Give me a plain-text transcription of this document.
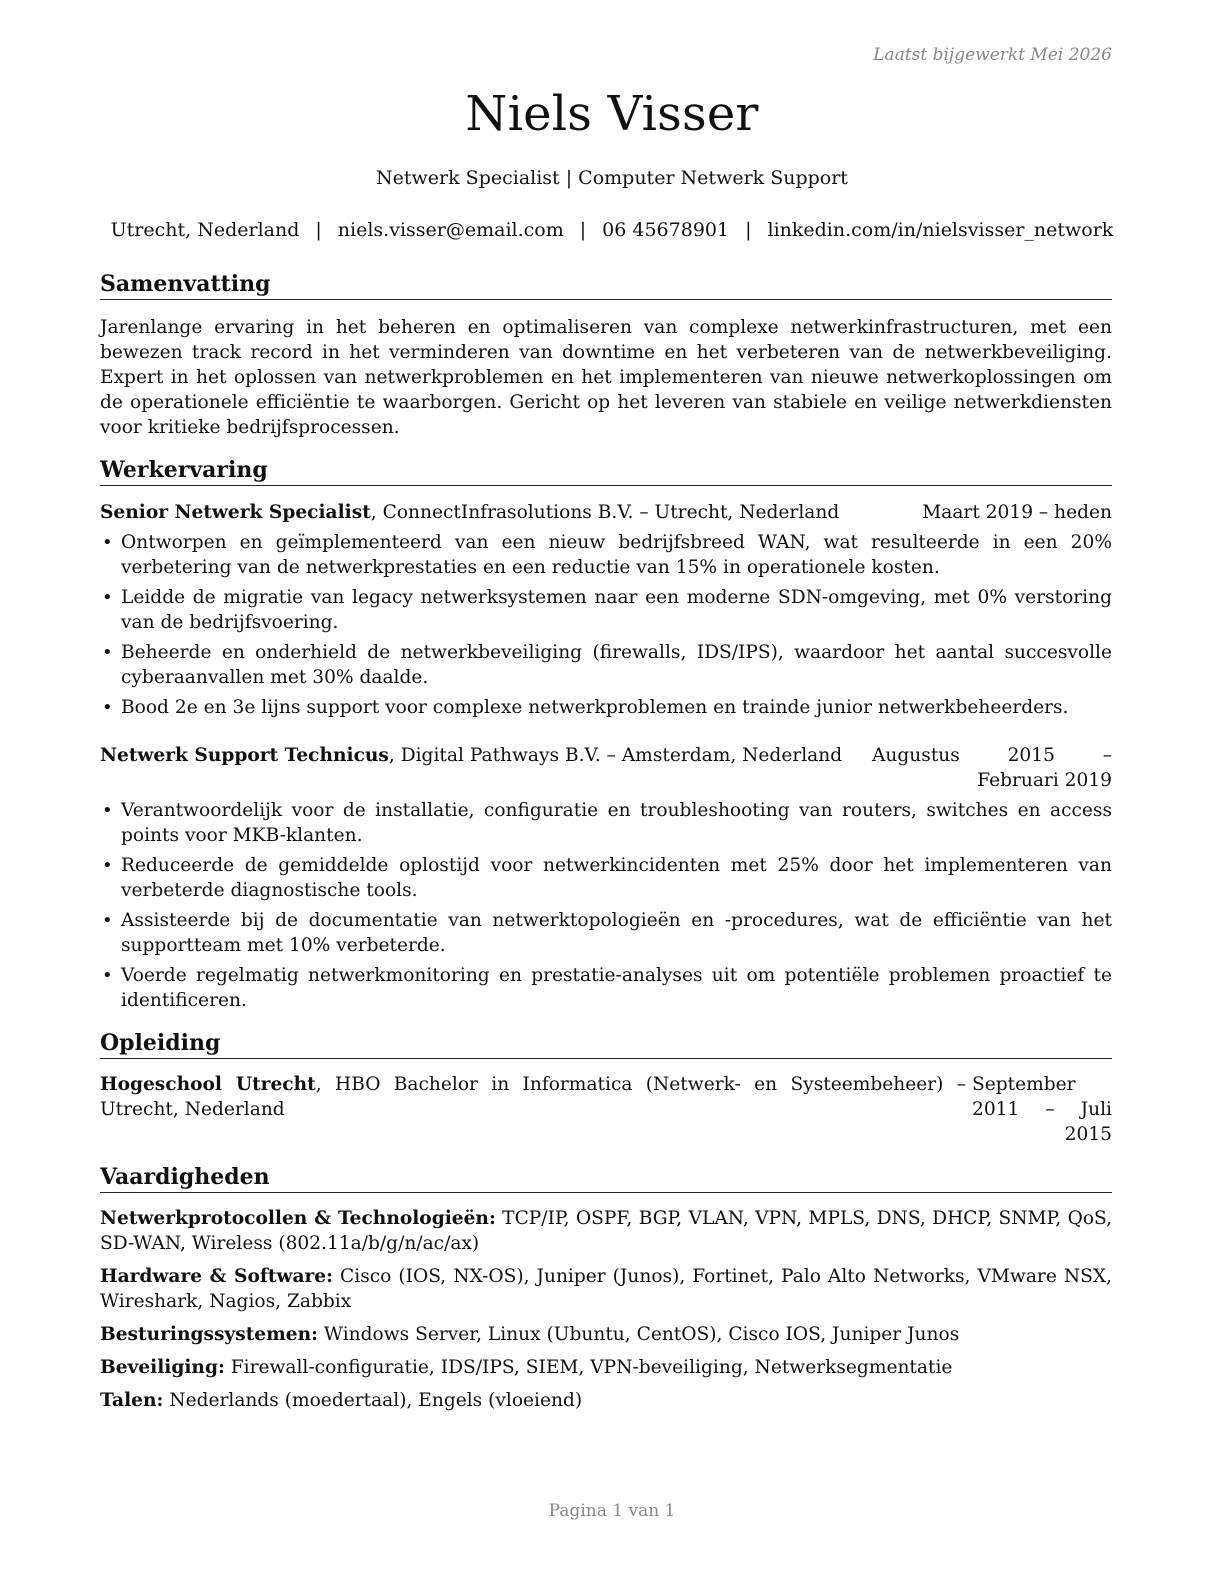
Laatst bijgewerkt Mei 2026
Niels Visser
Netwerk Specialist | Computer Netwerk Support
Utrecht, Nederland | niels.visser@email.com | 06 45678901 | linkedin.com/in/nielsvisser_network
Samenvatting

Jarenlange ervaring in het beheren en optimaliseren van complexe netwerkinfrastructuren, met een bewezen track record in het verminderen van downtime en het verbeteren van de netwerkbeveiliging. Expert in het oplossen van netwerkproblemen en het implementeren van nieuwe netwerkoplossingen om de operationele efficiëntie te waarborgen. Gericht op het leveren van stabiele en veilige netwerkdiensten voor kritieke bedrijfsprocessen.

Werkervaring
Senior Netwerk Specialist, ConnectInfrasolutions B.V. – Utrecht, Nederland	Maart 2019 – heden
• Ontworpen en geïmplementeerd van een nieuw bedrijfsbreed WAN, wat resulteerde in een 20% verbetering van de netwerkprestaties en een reductie van 15% in operationele kosten.
• Leidde de migratie van legacy netwerksystemen naar een moderne SDN-omgeving, met 0% verstoring van de bedrijfsvoering.
• Beheerde en onderhield de netwerkbeveiliging (firewalls, IDS/IPS), waardoor het aantal succesvolle cyberaanvallen met 30% daalde.
• Bood 2e en 3e lijns support voor complexe netwerkproblemen en trainde junior netwerkbeheerders.
Netwerk Support Technicus, Digital Pathways B.V. – Amsterdam, Nederland	Augustus 2015 – Februari 2019
• Verantwoordelijk voor de installatie, configuratie en troubleshooting van routers, switches en access points voor MKB-klanten.
• Reduceerde de gemiddelde oplostijd voor netwerkincidenten met 25% door het implementeren van verbeterde diagnostische tools.
• Assisteerde bij de documentatie van netwerktopologieën en -procedures, wat de efficiëntie van het supportteam met 10% verbeterde.
• Voerde regelmatig netwerkmonitoring en prestatie-analyses uit om potentiële problemen proactief te identificeren.
Opleiding
Hogeschool Utrecht, HBO Bachelor in Informatica (Netwerk- en Systeembeheer) – Utrecht, Nederland
September 2011 – Juli 2015
Vaardigheden
Netwerkprotocollen & Technologieën: TCP/IP, OSPF, BGP, VLAN, VPN, MPLS, DNS, DHCP, SNMP, QoS, SD-WAN, Wireless (802.11a/b/g/n/ac/ax)
Hardware & Software: Cisco (IOS, NX-OS), Juniper (Junos), Fortinet, Palo Alto Networks, VMware NSX, Wireshark, Nagios, Zabbix
Besturingssystemen: Windows Server, Linux (Ubuntu, CentOS), Cisco IOS, Juniper Junos
Beveiliging: Firewall-configuratie, IDS/IPS, SIEM, VPN-beveiliging, Netwerksegmentatie
Talen: Nederlands (moedertaal), Engels (vloeiend)
Pagina 1 van 1
